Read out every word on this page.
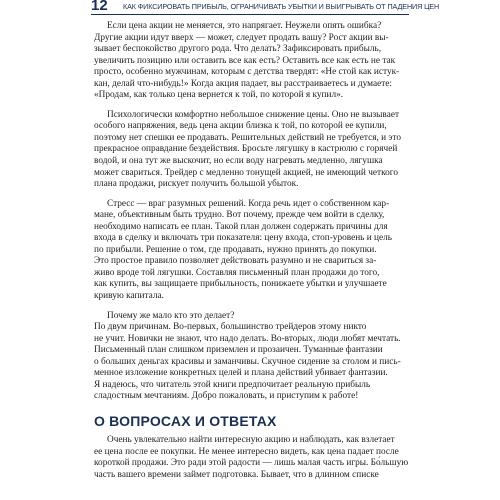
12 КАК ФИКСИРОВАТЬ ПРИБЫЛЬ, ОГРАНИЧИВАТЬ УБЫТКИ И ВЫИГРЫВАТЬ ОТ ПАДЕНИЯ ЦЕН

Если цена акции не меняется, это напрягает. Неужели опять ошибка?
Другие акции идут вверх — может, следует продать вашу? Рост акции вы-
зывает беспокойство другого рода. Что делать? Зафиксировать прибыль,
увеличить позицию или оставить все как есть? Оставить все как есть не так
просто, особенно мужчинам, которым с детства твердят: «Не стой как истук-
кан, делай что-нибудь!» Когда акция падает, вы расстраиваетесь и думаете:
«Продам, как только цена вернется к той, по которой я купил».

Психологически комфортно небольшое снижение цены. Оно не вызывает
особого напряжения, ведь цена акции близка к той, по которой ее купили,
поэтому нет спешки ее продавать. Решительных действий не требуется, и это
прекрасное оправдание бездействия. Бросьте лягушку в кастрюлю с горячей
водой, и она тут же выскочит, но если воду нагревать медленно, лягушка
может свариться. Трейдер с медленно тонущей акцией, не имеющий четкого
плана продажи, рискует получить большой убыток.

Стресс — враг разумных решений. Когда речь идет о собственном кар-
мане, объективным быть трудно. Вот почему, прежде чем войти в сделку,
необходимо написать ее план. Такой план должен содержать причины для
входа в сделку и включать три показателя: цену входа, стоп-уровень и цель
по прибыли. Решение о том, где продавать, нужно принять до покупки.
Это простое правило позволяет действовать разумно и не свариться за-
живо вроде той лягушки. Составляя письменный план продажи до того,
как купить, вы защищаете прибыльность, понижаете убытки и улучшаете
кривую капитала.

Почему же мало кто это делает?
По двум причинам. Во-первых, большинство трейдеров этому никто
не учит. Новички не знают, что надо делать. Во-вторых, люди любят мечтать.
Письменный план слишком приземлен и прозаичен. Туманные фантазии
о больших деньгах красивы и заманчивы. Скучное сидение за столом и пись-
менное изложение конкретных целей и плана действий убивает фантазии.
Я надеюсь, что читатель этой книги предпочитает реальную прибыль
сладостным мечтаниям. Добро пожаловать, и приступим к работе!

О ВОПРОСАХ И ОТВЕТАХ

Очень увлекательно найти интересную акцию и наблюдать, как взлетает
ее цена после ее покупки. Не менее интересно видеть, как цена падает после
короткой продажи. Это ради этой радости — лишь малая часть игры. Бо́льшую
часть вашего времени займет подготовка. Бывает, что в длинном списке
